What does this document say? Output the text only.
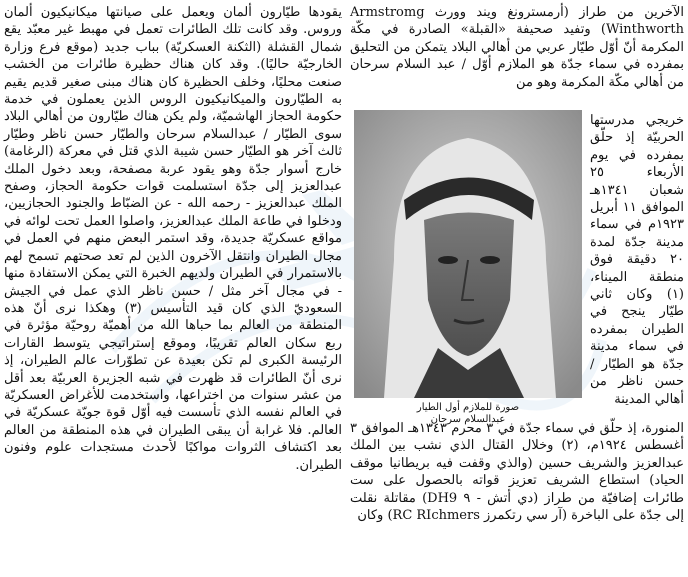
يقودها طيّارون ألمان ويعمل على صيانتها ميكانيكيون ألمان وروس. وقد كانت تلك الطائرات تعمل في مهبط غير معبّد يقع شمال القشلة (الثكنة العسكريّة) بباب جديد (موقع فرع وزارة الخارجيّة حاليًا). وقد كان هناك حظيرة طائرات من الخشب صنعت محليًا، وخلف الحظيرة كان هناك مبنى صغير قديم يقيم به الطيّارون والميكانيكيون الروس الذين يعملون في خدمة حكومة الحجاز الهاشميّة، ولم يكن هناك طيّارون من أهالي البلاد سوى الطيّار / عبدالسلام سرحان والطيّار حسن ناظر وطيّار ثالث آخر هو الطيّار حسن شيبة الذي قتل في معركة (الرغامة) خارج أسوار جدّة وهو يقود عربة مصفحة، وبعد دخول الملك عبدالعزيز إلى جدّة استسلمت قوات حكومة الحجاز، وصفح الملك عبدالعزيز - رحمه الله - عن الضبّاط والجنود الحجازيين، ودخلوا في طاعة الملك عبدالعزيز، واصلوا العمل تحت لوائه في مواقع عسكريّة جديدة، وقد استمر البعض منهم في العمل في مجال الطيران وانتقل الآخرون الذين لم تعد صحتهم تسمح لهم بالاستمرار في الطيران ولديهم الخبرة التي يمكن الاستفادة منها - في مجال آخر مثل / حسن ناظر الذي عمل في الجيش السعوديّ الذي كان قيد التأسيس (٣) وهكذا نرى أنّ هذه المنطقة من العالم بما حباها الله من أهميّة روحيّة مؤثرة في ربع سكان العالم تقريبًا، وموقع إستراتيجي يتوسط القارات الرئيسة الكبرى لم تكن بعيدة عن تطوّرات عالم الطيران، إذ نرى أنّ الطائرات قد ظهرت في شبه الجزيرة العربيّة بعد أقل من عشر سنوات من اختراعها، واستخدمت للأغراض العسكريّة في العالم نفسه الذي تأسست فيه أوّل قوة جويّة عسكريّة في العالم. فلا غرابة أن يبقى الطيران في هذه المنطقة من العالم بعد اكتشاف الثروات مواكبًا لأحدث مستجدات علوم وفنون الطيران.

الآخرين من طراز (أرمسترونغ ويند وورث Armstromg Winthworth) وتفيد صحيفة «القبلة» الصادرة في مكّة المكرمة أنّ أوّل طيّار عربي من أهالي البلاد يتمكن من التحليق بمفرده في سماء جدّة هو الملازم أوّل / عبد السلام سرحان من أهالي مكّة المكرمة وهو من

صورة للملازم أول الطيار
عبدالسلام سرحان

خريجي مدرستها الحربيّة إذ حلّق بمفرده في يوم الأربعاء ٢٥ شعبان ١٣٤١هـ الموافق ١١ أبريل ١٩٢٣م في سماء مدينة جدّة لمدة ٢٠ دقيقة فوق منطقة الميناء، (١) وكان ثاني طيّار ينجح في الطيران بمفرده في سماء مدينة جدّة هو الطيّار / حسن ناظر من أهالي المدينة

المنورة، إذ حلّق في سماء جدّة في ٣ محرم ١٣٤٣هـ الموافق ٣ أغسطس ١٩٢٤م، (٢) وخلال القتال الذي نشب بين الملك عبدالعزيز والشريف حسين (والذي وقفت فيه بريطانيا موقف الحياد) استطاع الشريف تعزيز قواته بالحصول على ست طائرات إضافيّة من طراز (دي أتش - ٩ DH9) مقاتلة نقلت إلى جدّة على الباخرة (آر سي رتكمرز RC RIchmers) وكان
